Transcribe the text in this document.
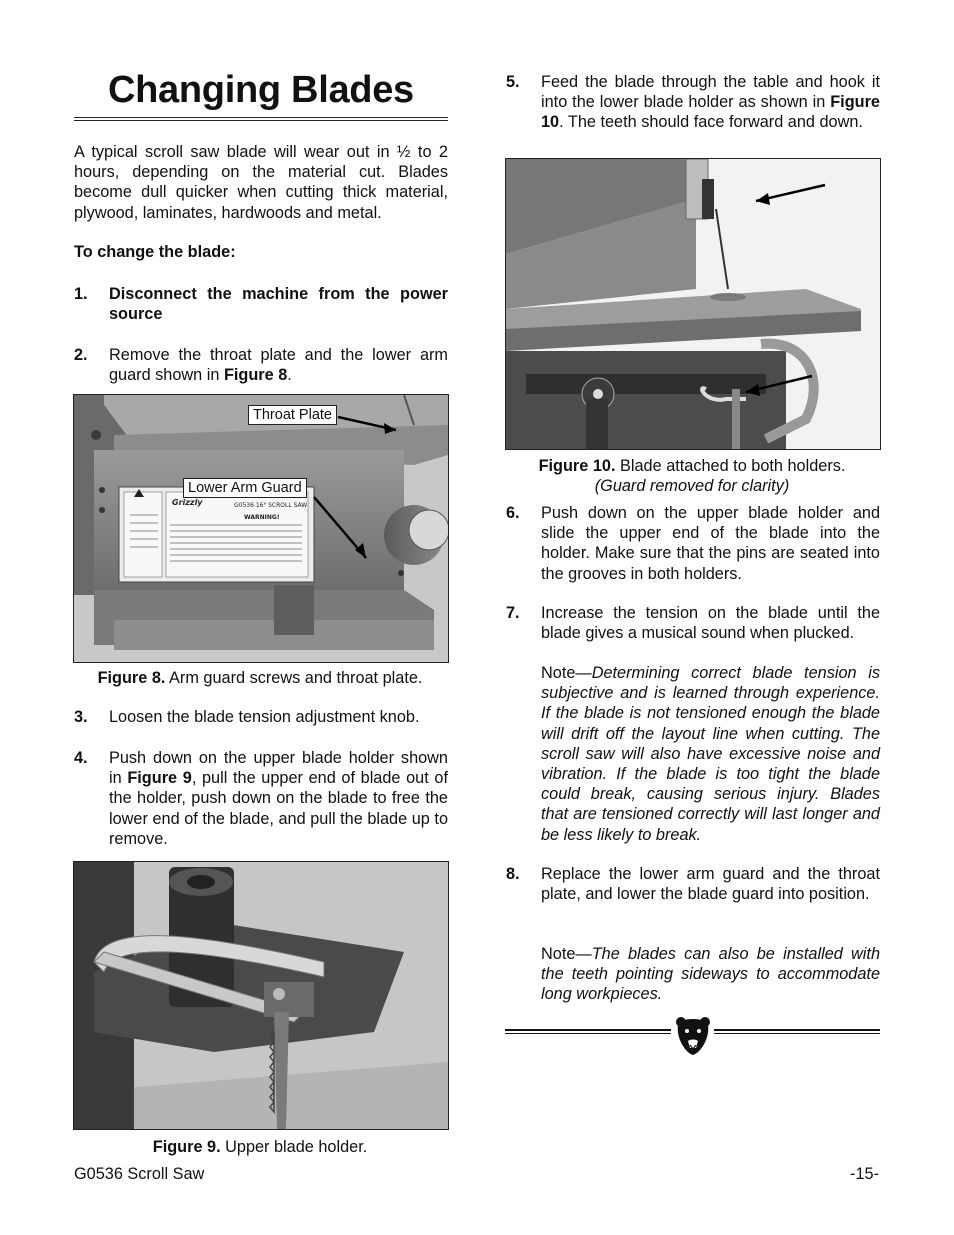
Changing Blades
A typical scroll saw blade will wear out in ½ to 2
hours, depending on the material cut. Blades
become dull quicker when cutting thick material,
plywood, laminates, hardwoods and metal.
To change the blade:
1. Disconnect the machine from the power source
2. Remove the throat plate and the lower arm guard shown in Figure 8.
Grizzly	G0536 16" SCROLL SAW
WARNING!
Throat Plate
Lower Arm Guard
Figure 8. Arm guard screws and throat plate.
3. Loosen the blade tension adjustment knob.
4. Push down on the upper blade holder shown in Figure 9, pull the upper end of blade out of the holder, push down on the blade to free the lower end of the blade, and pull the blade up to remove.
Figure 9. Upper blade holder.
5. Feed the blade through the table and hook it into the lower blade holder as shown in Figure 10. The teeth should face forward and down.
Figure 10. Blade attached to both holders.
(Guard removed for clarity)
6. Push down on the upper blade holder and slide the upper end of the blade into the holder. Make sure that the pins are seated into the grooves in both holders.
7. Increase the tension on the blade until the blade gives a musical sound when plucked.
Note—Determining correct blade tension is subjective and is learned through experience. If the blade is not tensioned enough the blade will drift off the layout line when cutting. The scroll saw will also have excessive noise and vibration. If the blade is too tight the blade could break, causing serious injury. Blades that are tensioned correctly will last longer and be less likely to break.
8. Replace the lower arm guard and the throat plate, and lower the blade guard into position.
Note—The blades can also be installed with the teeth pointing sideways to accommodate long workpieces.
G0536 Scroll Saw	-15-
